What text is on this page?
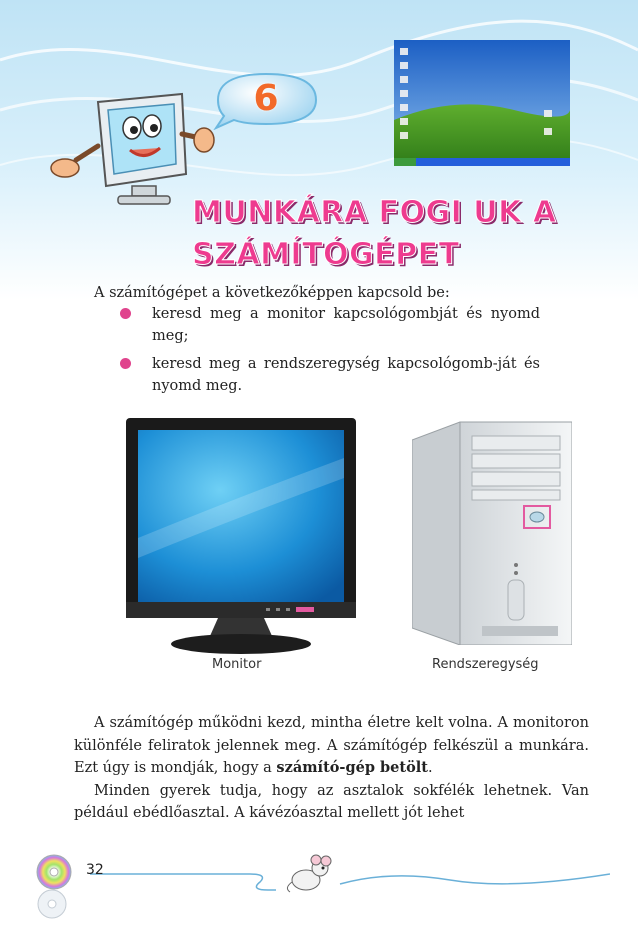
6
MUNKÁRA FOGI UK A
SZÁMÍTÓGÉPET
A számítógépet a következőképpen kapcsold be:
keresd meg a monitor kapcsológombját és nyomd meg;
keresd meg a rendszeregység kapcsológomb-ját és nyomd meg.
Monitor	Rendszeregység

A számítógép működni kezd, mintha életre kelt volna. A monitoron különféle feliratok jelennek meg. A számítógép felkészül a munkára. Ezt úgy is mondják, hogy a számító-gép betölt.

Minden gyerek tudja, hogy az asztalok sokfélék lehetnek. Van például ebédlőasztal. A kávézóasztal mellett jót lehet

32
